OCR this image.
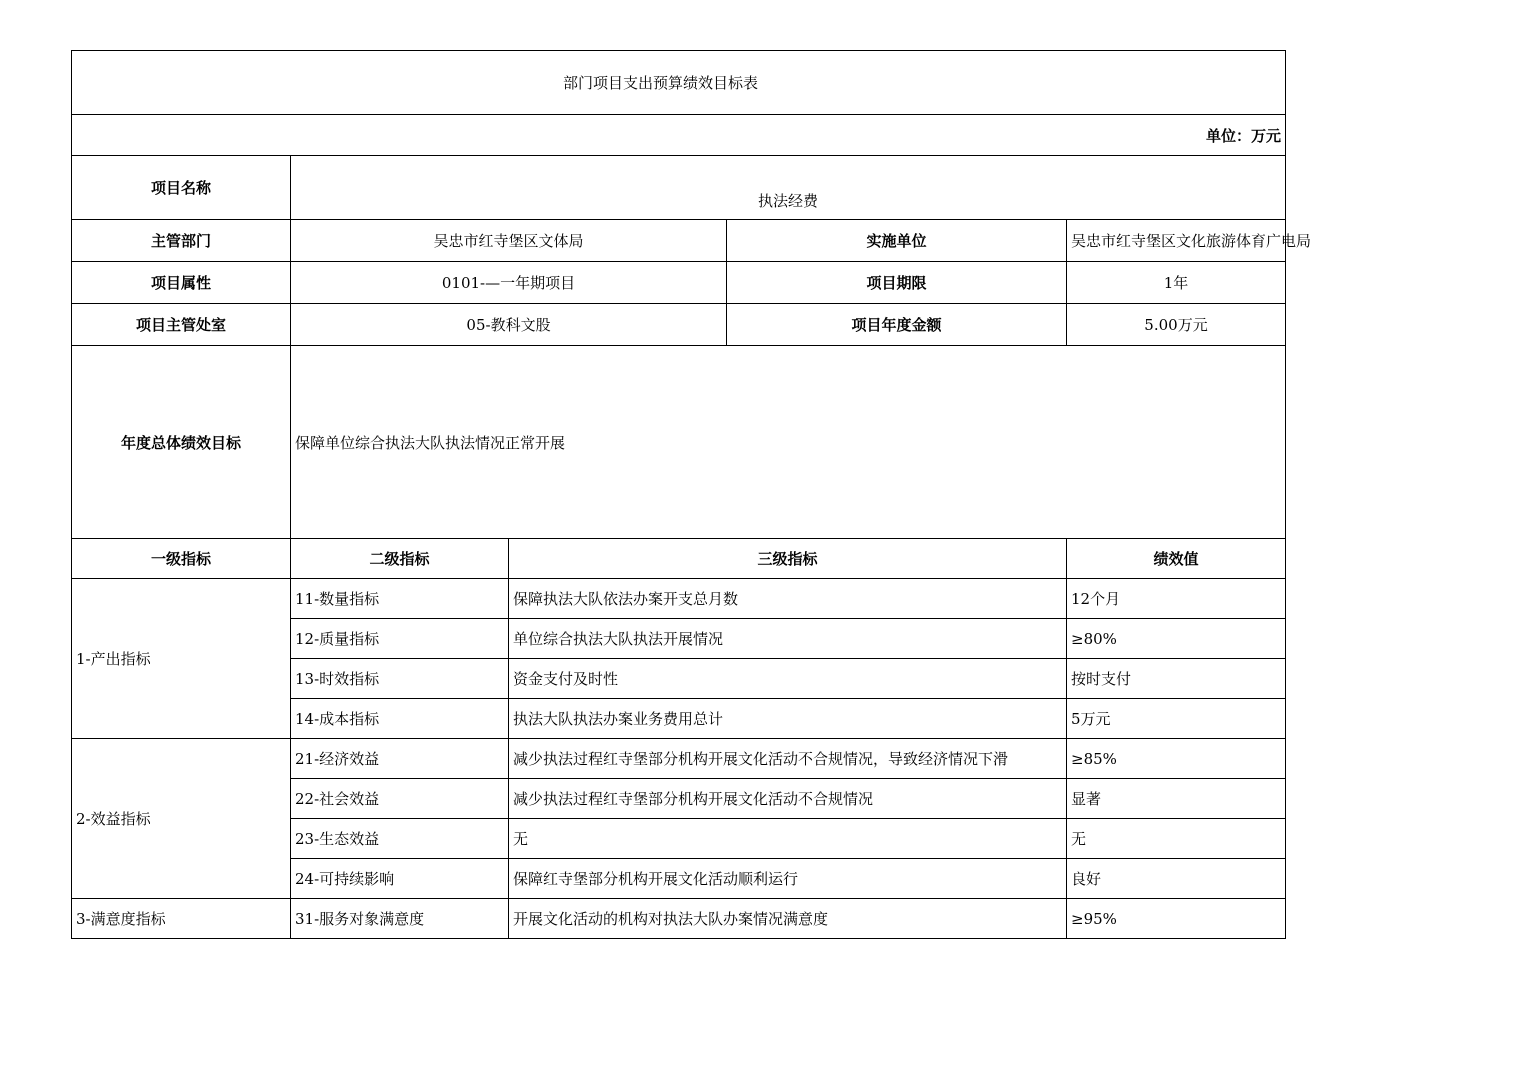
部门项目支出预算绩效目标表				
单位：万元				
项目名称	执法经费			
主管部门	吴忠市红寺堡区文体局		实施单位	吴忠市红寺堡区文化旅游体育广电局
项目属性	0101-—一年期项目		项目期限	1年
项目主管处室	05-教科文股		项目年度金额	5.00万元
年度总体绩效目标	保障单位综合执法大队执法情况正常开展			
一级指标	二级指标	三级指标		绩效值
1-产出指标	11-数量指标	保障执法大队依法办案开支总月数		12个月
	12-质量指标	单位综合执法大队执法开展情况		≥80%
	13-时效指标	资金支付及时性		按时支付
	14-成本指标	执法大队执法办案业务费用总计		5万元
2-效益指标	21-经济效益	减少执法过程红寺堡部分机构开展文化活动不合规情况，导致经济情况下滑		≥85%
	22-社会效益	减少执法过程红寺堡部分机构开展文化活动不合规情况		显著
	23-生态效益	无		无
	24-可持续影响	保障红寺堡部分机构开展文化活动顺利运行		良好
3-满意度指标	31-服务对象满意度	开展文化活动的机构对执法大队办案情况满意度		≥95%
